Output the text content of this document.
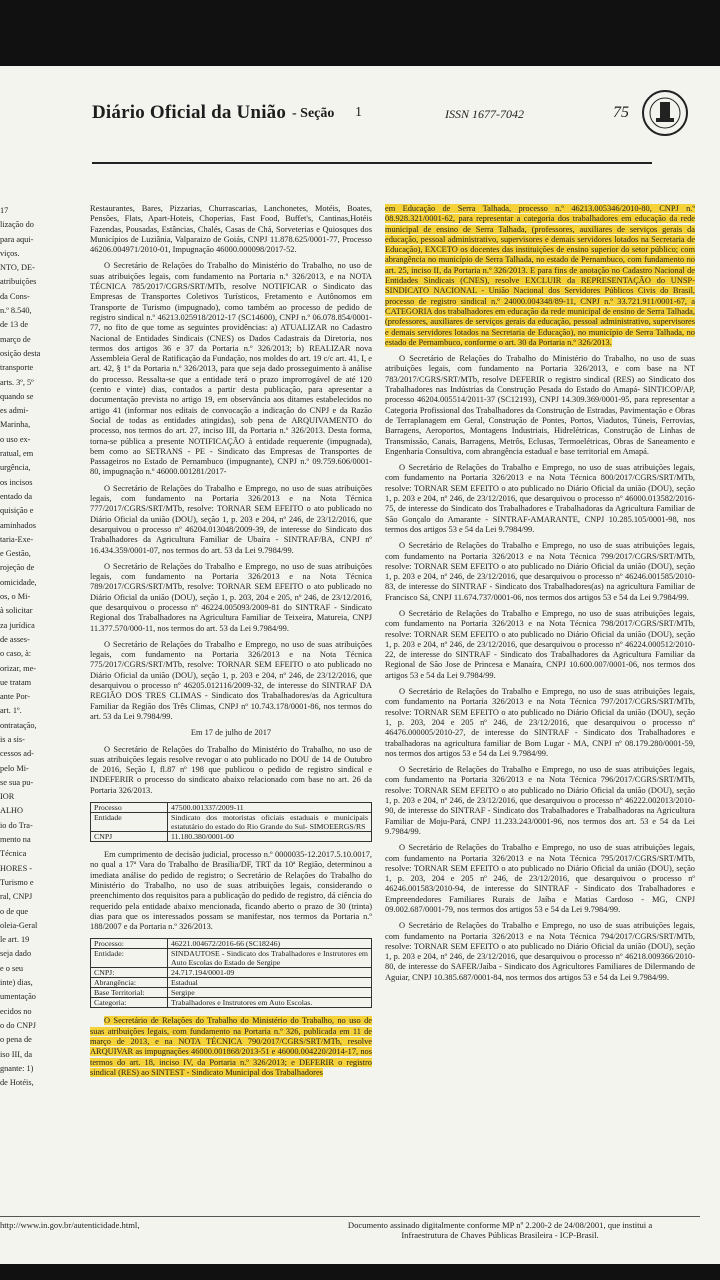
Diário Oficial da União - Seção 1	ISSN 1677-7042	75

17

lização do

para aqui-

viços.

NTO, DE-

atribuições

da Cons-

n.º 8.540,

de 13 de

março de

osição desta

transporte

arts. 3º, 5º

quando se

es admi-

Marinha,

o uso ex-

ratual, em

urgência,

os incisos

entado da

quisição e

aminhados

taria-Exe-

e Gestão,

rojeção de

omicidade,

os, o Mi-

à solicitar

za jurídica

de asses-

o caso, à:

orizar, me-

ue tratam

ante Por-

art. 1º.

ontratação,

is a sis-

cessos ad-

pelo Mi-

se sua pu-

IOR

ALHO

io do Tra-

mento na

Técnica

HORES -

Turismo e

ral, CNPJ

o de que

oleia-Geral

le art. 19

seja dado

e o seu

inte) dias,

umentação

ecidos no

o do CNPJ

o pena de

iso III, da

gnante: 1)

de Hotéis,

Restaurantes, Bares, Pizzarias, Churrascarias, Lanchonetes, Motéis, Boates, Pensões, Flats, Apart-Hoteis, Choperias, Fast Food, Buffet's, Cantinas,Hotéis Fazendas, Pousadas, Estâncias, Chalés, Casas de Chá, Sorveterias e Quiosques dos Municípios de Luziânia, Valparaizo de Goiás, CNPJ 11.878.625/0001-77, Processo 46206.004971/2010-01, Impugnação 46000.000098/2017-52.

O Secretário de Relações do Trabalho do Ministério do Trabalho, no uso de suas atribuições legais, com fundamento na Portaria n.º 326/2013, e na NOTA TÉCNICA 785/2017/CGRS/SRT/MTb, resolve NOTIFICAR o Sindicato das Empresas de Transportes Coletivos Turísticos, Fretamento e Autônomos em Transporte de Turismo (impugnado), como também ao processo de pedido de registro sindical n.º 46213.025918/2012-17 (SC14600), CNPJ n.º 06.078.854/0001-77, no fito de que tome as seguintes providências: a) ATUALIZAR no Cadastro Nacional de Entidades Sindicais (CNES) os Dados Cadastrais da Diretoria, nos termos dos artigos 36 e 37 da Portaria n.º 326/2013; b) REALIZAR nova Assembleia Geral de Ratificação da Fundação, nos moldes do art. 19 c/c art. 41, I, e art. 42, § 1º da Portaria n.º 326/2013, para que seja dado prosseguimento à análise do processo. Ressalta-se que a entidade terá o prazo improrrogável de até 120 (cento e vinte) dias, contados a partir desta publicação, para apresentar a documentação prevista no artigo 19, em observância aos ditames estabelecidos no artigo 41 (informar nos editais de convocação a indicação do CNPJ e da Razão Social de todas as entidades atingidas), sob pena de ARQUIVAMENTO do processo, nos termos do art. 27, inciso III, da Portaria n.º 326/2013. Desta forma, torna-se pública a presente NOTIFICAÇÃO à entidade requerente (impugnada), bem como ao SETRANS - PE - Sindicato das Empresas de Transportes de Passageiros no Estado de Pernambuco (impugnante), CNPJ n.º 09.759.606/0001-80, impugnação n.º 46000.001281/2017-

O Secretário de Relações do Trabalho e Emprego, no uso de suas atribuições legais, com fundamento na Portaria 326/2013 e na Nota Técnica 777/2017/CGRS/SRT/MTb, resolve: TORNAR SEM EFEITO o ato publicado no Diário Oficial da união (DOU), seção 1, p. 203 e 204, nº 246, de 23/12/2016, que desarquivou o processo nº 46204.013048/2009-39, de interesse do Sindicato dos Trabalhadores da Agricultura Familiar de Ubaíra - SINTRAF/BA, CNPJ nº 16.434.359/0001-07, nos termos do art. 53 da Lei 9.7984/99.

O Secretário de Relações do Trabalho e Emprego, no uso de suas atribuições legais, com fundamento na Portaria 326/2013 e na Nota Técnica 789/2017/CGRS/SRT/MTb, resolve: TORNAR SEM EFEITO o ato publicado no Diário Oficial da união (DOU), seção 1, p. 203, 204 e 205, nº 246, de 23/12/2016, que desarquivou o processo nº 46224.005093/2009-81 do SINTRAF - Sindicato Regional dos Trabalhadores na Agricultura Familiar de Teixeira, Matureia, CNPJ 11.377.570/000-11, nos termos do art. 53 da Lei 9.7984/99.

O Secretário de Relações do Trabalho e Emprego, no uso de suas atribuições legais, com fundamento na Portaria 326/2013 e na Nota Técnica 775/2017/CGRS/SRT/MTb, resolve: TORNAR SEM EFEITO o ato publicado no Diário Oficial da união (DOU), seção 1, p. 203 e 204, nº 246, de 23/12/2016, que desarquivou o processo nº 46205.012116/2009-32, de interesse do SINTRAF DA REGIÃO DOS TRES CLIMAS - Sindicato dos Trabalhadores/as da Agricultura Familiar da Região dos Três Climas, CNPJ nº 10.743.178/0001-86, nos termos do art. 53 da Lei 9.7984/99.

Em 17 de julho de 2017

O Secretário de Relações do Trabalho do Ministério do Trabalho, no uso de suas atribuições legais resolve revogar o ato publicado no DOU de 14 de Outubro de 2016, Seção I, fl.87 nº 198 que publicou o pedido de registro sindical e INDEFERIR o processo do sindicato abaixo relacionado com base no art. 26 da Portaria 326/2013.

Processo	47500.001337/2009-11
Entidade	Sindicato dos motoristas oficiais estaduais e municipais estatutário do estado do Rio Grande do Sul- SIMOEERGS/RS
CNPJ	11.180.380/0001-00

Em cumprimento de decisão judicial, processo n.º 0000035-12.2017.5.10.0017, no qual a 17ª Vara do Trabalho de Brasília/DF, TRT da 10ª Região, determinou a imediata análise do pedido de registro; o Secretário de Relações do Trabalho do Ministério do Trabalho, no uso de suas atribuições legais, considerando o preenchimento dos requisitos para a publicação do pedido de registro, dá ciência do requerido pela entidade abaixo mencionada, ficando aberto o prazo de 30 (trinta) dias para que os interessados possam se manifestar, nos termos da Portaria n.º 188/2007 e da Portaria n.º 326/2013.

Processo:	46221.004672/2016-66 (SC18246)
Entidade:	SINDAUTOSE - Sindicato dos Trabalhadores e Instrutores em Auto Escolas do Estado de Sergipe
CNPJ:	24.717.194/0001-09
Abrangência:	Estadual
Base Territorial:	Sergipe
Categoria:	Trabalhadores e Instrutores em Auto Escolas.

O Secretário de Relações do Trabalho do Ministério do Trabalho, no uso de suas atribuições legais, com fundamento na Portaria n.º 326, publicada em 11 de março de 2013, e na NOTA TÉCNICA 790/2017/CGRS/SRT/MTb, resolve ARQUIVAR as impugnações 46000.001868/2013-51 e 46000.004220/2014-17, nos termos do art. 18, inciso IV, da Portaria n.º 326/2013; e DEFERIR o registro sindical (RES) ao SINTEST - Sindicato Municipal dos Trabalhadores

em Educação de Serra Talhada, processo n.º 46213.005346/2010-80, CNPJ n.º 08.928.321/0001-62, para representar a categoria dos trabalhadores em educação da rede municipal de ensino de Serra Talhada, (professores, auxiliares de serviços gerais da educação, pessoal administrativo, supervisores e demais servidores lotados na Secretaria de Educação), EXCETO os docentes das instituições de ensino superior do setor público; com abrangência no município de Serra Talhada, no estado de Pernambuco, com fundamento no art. 25, inciso II, da Portaria n.º 326/2013. E para fins de anotação no Cadastro Nacional de Entidades Sindicais (CNES), resolve EXCLUIR da REPRESENTAÇÃO do UNSP-SINDICATO NACIONAL - União Nacional dos Servidores Públicos Civis do Brasil, processo de registro sindical n.º 24000.004348/89-11, CNPJ n.º 33.721.911/0001-67, a CATEGORIA dos trabalhadores em educação da rede municipal de ensino de Serra Talhada, (professores, auxiliares de serviços gerais da educação, pessoal administrativo, supervisores e demais servidores lotados na Secretaria de Educação), no município de Serra Talhada, no estado de Pernambuco, conforme o art. 30 da Portaria n.º 326/2013.

O Secretário de Relações do Trabalho do Ministério do Trabalho, no uso de suas atribuições legais, com fundamento na Portaria 326/2013, e com base na NT 783/2017/CGRS/SRT/MTb, resolve DEFERIR o registro sindical (RES) ao Sindicato dos Trabalhadores nas Indústrias da Construção Pesada do Estado do Amapá- SINTICOP/AP, processo 46204.005514/2011-37 (SC12193), CNPJ 14.309.369/0001-95, para representar a Categoria Profissional dos Trabalhadores da Construção de Estradas, Pavimentação e Obras de Terraplanagem em Geral, Construção de Pontes, Portos, Viadutos, Túneis, Ferrovias, Barragens, Aeroportos, Montagens Industriais, Hidrelétricas, Construção de Linhas de Transmissão, Canais, Barragens, Metrôs, Eclusas, Termoelétricas, Obras de Saneamento e Engenharia Consultiva, com abrangência estadual e base territorial em Amapá.

O Secretário de Relações do Trabalho e Emprego, no uso de suas atribuições legais, com fundamento na Portaria 326/2013 e na Nota Técnica 800/2017/CGRS/SRT/MTb, resolve: TORNAR SEM EFEITO o ato publicado no Diário Oficial da união (DOU), seção 1, p. 203 e 204, nº 246, de 23/12/2016, que desarquivou o processo nº 46000.013582/2016-75, de interesse do Sindicato dos Trabalhadores e Trabalhadoras da Agricultura Familiar de São Gonçalo do Amarante - SINTRAF-AMARANTE, CNPJ 10.285.105/0001-98, nos termos dos artigos 53 e 54 da Lei 9.7984/99.

O Secretário de Relações do Trabalho e Emprego, no uso de suas atribuições legais, com fundamento na Portaria 326/2013 e na Nota Técnica 799/2017/CGRS/SRT/MTb, resolve: TORNAR SEM EFEITO o ato publicado no Diário Oficial da união (DOU), seção 1, p. 203 e 204, nº 246, de 23/12/2016, que desarquivou o processo nº 46246.001585/2010-83, de interesse do SINTRAF - Sindicato dos Trabalhadores(as) na agricultura Familiar de Francisco Sá, CNPJ 11.674.737/0001-06, nos termos dos artigos 53 e 54 da Lei 9.7984/99.

O Secretário de Relações do Trabalho e Emprego, no uso de suas atribuições legais, com fundamento na Portaria 326/2013 e na Nota Técnica 798/2017/CGRS/SRT/MTb, resolve: TORNAR SEM EFEITO o ato publicado no Diário Oficial da união (DOU), seção 1, p. 203 e 204, nº 246, de 23/12/2016, que desarquivou o processo nº 46224.000512/2010-22, de interesse do SINTRAF - Sindicato dos Trabalhadores da Agricultura Familiar da Regional de São Jose de Princesa e Manaíra, CNPJ 10.600.007/0001-06, nos termos dos artigos 53 e 54 da Lei 9.7984/99.

O Secretário de Relações do Trabalho e Emprego, no uso de suas atribuições legais, com fundamento na Portaria 326/2013 e na Nota Técnica 797/2017/CGRS/SRT/MTb, resolve: TORNAR SEM EFEITO o ato publicado no Diário Oficial da união (DOU), seção 1, p. 203, 204 e 205 nº 246, de 23/12/2016, que desarquivou o processo nº 46476.000005/2010-27, de interesse do SINTRAF - Sindicato dos Trabalhadores e trabalhadoras na agricultura familiar de Bom Lugar - MA, CNPJ nº 08.179.280/0001-59, nos termos dos artigos 53 e 54 da Lei 9.7984/99.

O Secretário de Relações do Trabalho e Emprego, no uso de suas atribuições legais, com fundamento na Portaria 326/2013 e na Nota Técnica 796/2017/CGRS/SRT/MTb, resolve: TORNAR SEM EFEITO o ato publicado no Diário Oficial da união (DOU), seção 1, p. 203 e 204, nº 246, de 23/12/2016, que desarquivou o processo nº 46222.002013/2010-90, de interesse do SINTRAF - Sindicato dos Trabalhadores e Trabalhadoras na Agricultura Familiar de Moju-Pará, CNPJ 11.233.243/0001-96, nos termos dos art. 53 e 54 da Lei 9.7984/99.

O Secretário de Relações do Trabalho e Emprego, no uso de suas atribuições legais, com fundamento na Portaria 326/2013 e na Nota Técnica 795/2017/CGRS/SRT/MTb, resolve: TORNAR SEM EFEITO o ato publicado no Diário Oficial da união (DOU), seção 1, p. 203, 204 e 205 nº 246, de 23/12/2016, que desarquivou o processo nº 46246.001583/2010-94, de interesse do SINTRAF - Sindicato dos Trabalhadores e Empreendedores Familiares Rurais de Jaíba e Matias Cardoso - MG, CNPJ 09.002.687/0001-79, nos termos dos artigos 53 e 54 da Lei 9.7984/99.

O Secretário de Relações do Trabalho e Emprego, no uso de suas atribuições legais, com fundamento na Portaria 326/2013 e na Nota Técnica 794/2017/CGRS/SRT/MTb, resolve: TORNAR SEM EFEITO o ato publicado no Diário Oficial da união (DOU), seção 1, p. 203 e 204, nº 246, de 23/12/2016, que desarquivou o processo nº 46218.009366/2010-80, de interesse do SAFER/Jaíba - Sindicato dos Agricultores Familiares de Dilermando de Aguiar, CNPJ 10.385.687/0001-84, nos termos dos artigos 53 e 54 da Lei 9.7984/99.

http://www.in.gov.br/autenticidade.html,	Documento assinado digitalmente conforme MP nº 2.200-2 de 24/08/2001, que institui a
Infraestrutura de Chaves Públicas Brasileira - ICP-Brasil.
